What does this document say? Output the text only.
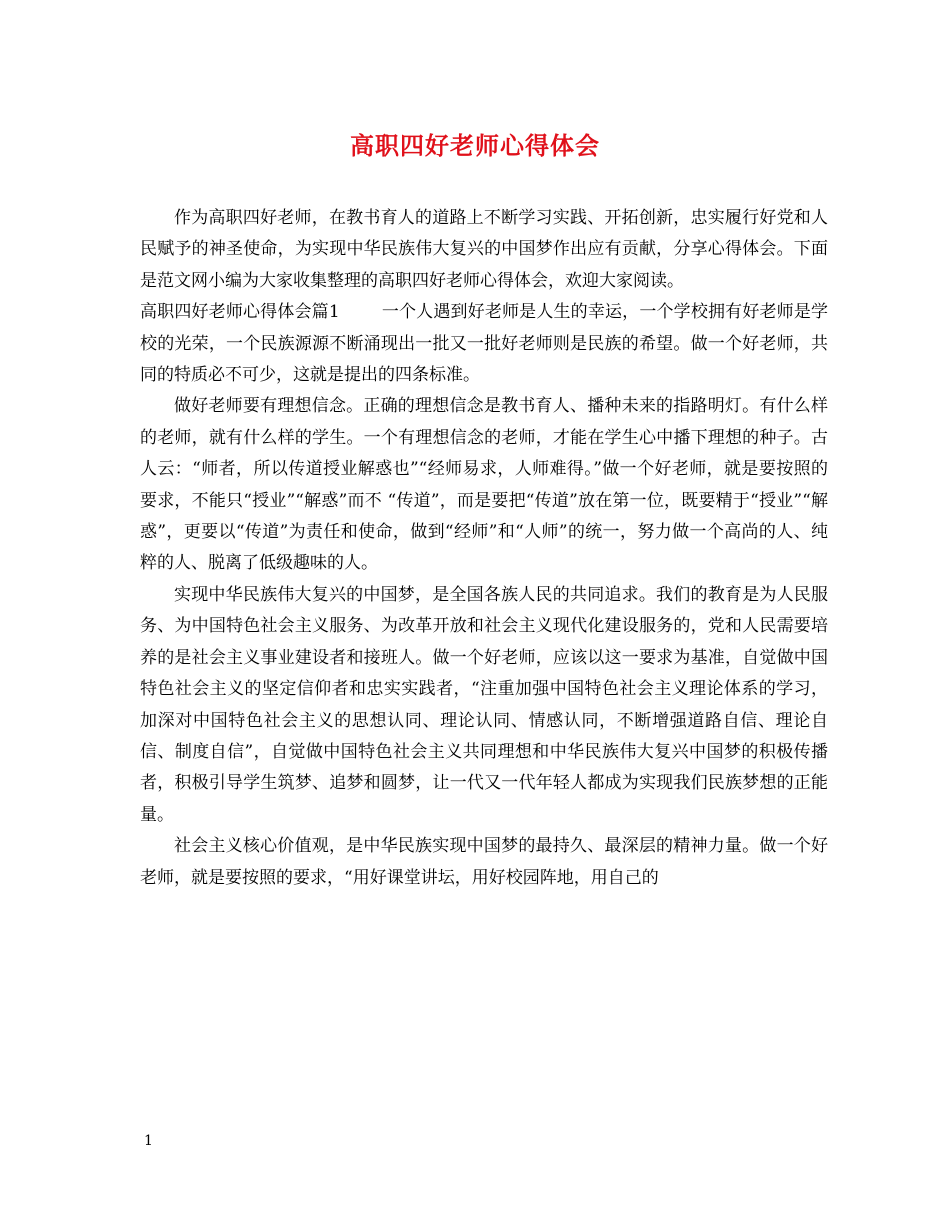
高职四好老师心得体会

作为高职四好老师，在教书育人的道路上不断学习实践、开拓创新，忠实履行好党和人民赋予的神圣使命，为实现中华民族伟大复兴的中国梦作出应有贡献，分享心得体会。下面是范文网小编为大家收集整理的高职四好老师心得体会，欢迎大家阅读。

高职四好老师心得体会篇1 一个人遇到好老师是人生的幸运，一个学校拥有好老师是学校的光荣，一个民族源源不断涌现出一批又一批好老师则是民族的希望。做一个好老师，共同的特质必不可少，这就是提出的四条标准。

做好老师要有理想信念。正确的理想信念是教书育人、播种未来的指路明灯。有什么样的老师，就有什么样的学生。一个有理想信念的老师，才能在学生心中播下理想的种子。古人云：“师者，所以传道授业解惑也”“经师易求，人师难得。”做一个好老师，就是要按照的要求，不能只“授业”“解惑”而不 “传道”，而是要把“传道”放在第一位，既要精于“授业”“解惑”，更要以“传道”为责任和使命，做到“经师”和“人师”的统一，努力做一个高尚的人、纯粹的人、脱离了低级趣味的人。

实现中华民族伟大复兴的中国梦，是全国各族人民的共同追求。我们的教育是为人民服务、为中国特色社会主义服务、为改革开放和社会主义现代化建设服务的，党和人民需要培养的是社会主义事业建设者和接班人。做一个好老师，应该以这一要求为基准，自觉做中国特色社会主义的坚定信仰者和忠实实践者，“注重加强中国特色社会主义理论体系的学习，加深对中国特色社会主义的思想认同、理论认同、情感认同，不断增强道路自信、理论自信、制度自信”，自觉做中国特色社会主义共同理想和中华民族伟大复兴中国梦的积极传播者，积极引导学生筑梦、追梦和圆梦，让一代又一代年轻人都成为实现我们民族梦想的正能量。

社会主义核心价值观，是中华民族实现中国梦的最持久、最深层的精神力量。做一个好老师，就是要按照的要求，“用好课堂讲坛，用好校园阵地，用自己的

1
